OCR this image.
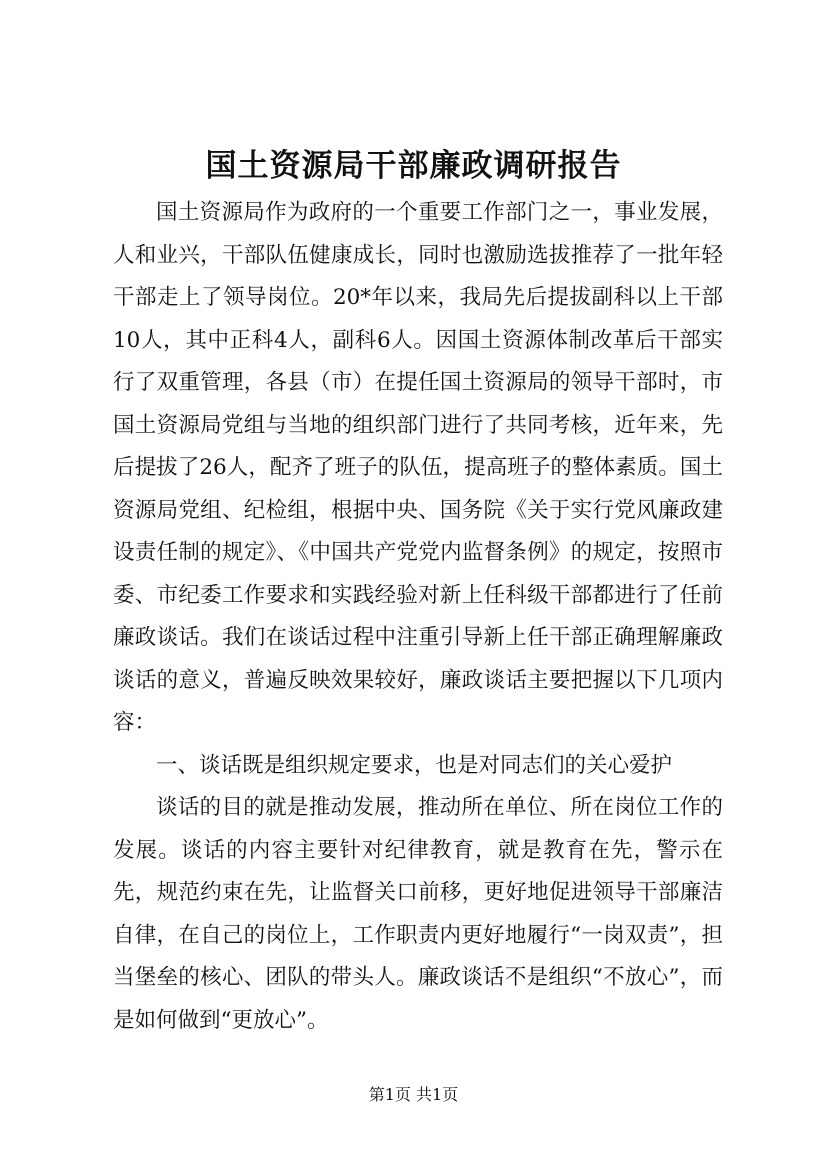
国土资源局干部廉政调研报告

国土资源局作为政府的一个重要工作部门之一，事业发展，人和业兴，干部队伍健康成长，同时也激励选拔推荐了一批年轻干部走上了领导岗位。20*年以来，我局先后提拔副科以上干部10人，其中正科4人，副科6人。因国土资源体制改革后干部实行了双重管理，各县（市）在提任国土资源局的领导干部时，市国土资源局党组与当地的组织部门进行了共同考核，近年来，先后提拔了26人，配齐了班子的队伍，提高班子的整体素质。国土资源局党组、纪检组，根据中央、国务院《关于实行党风廉政建设责任制的规定》、《中国共产党党内监督条例》的规定，按照市委、市纪委工作要求和实践经验对新上任科级干部都进行了任前廉政谈话。我们在谈话过程中注重引导新上任干部正确理解廉政谈话的意义，普遍反映效果较好，廉政谈话主要把握以下几项内容：

一、谈话既是组织规定要求，也是对同志们的关心爱护

谈话的目的就是推动发展，推动所在单位、所在岗位工作的发展。谈话的内容主要针对纪律教育，就是教育在先，警示在先，规范约束在先，让监督关口前移，更好地促进领导干部廉洁自律，在自己的岗位上，工作职责内更好地履行“一岗双责”，担当堡垒的核心、团队的带头人。廉政谈话不是组织“不放心”，而是如何做到“更放心”。

第1页 共1页
